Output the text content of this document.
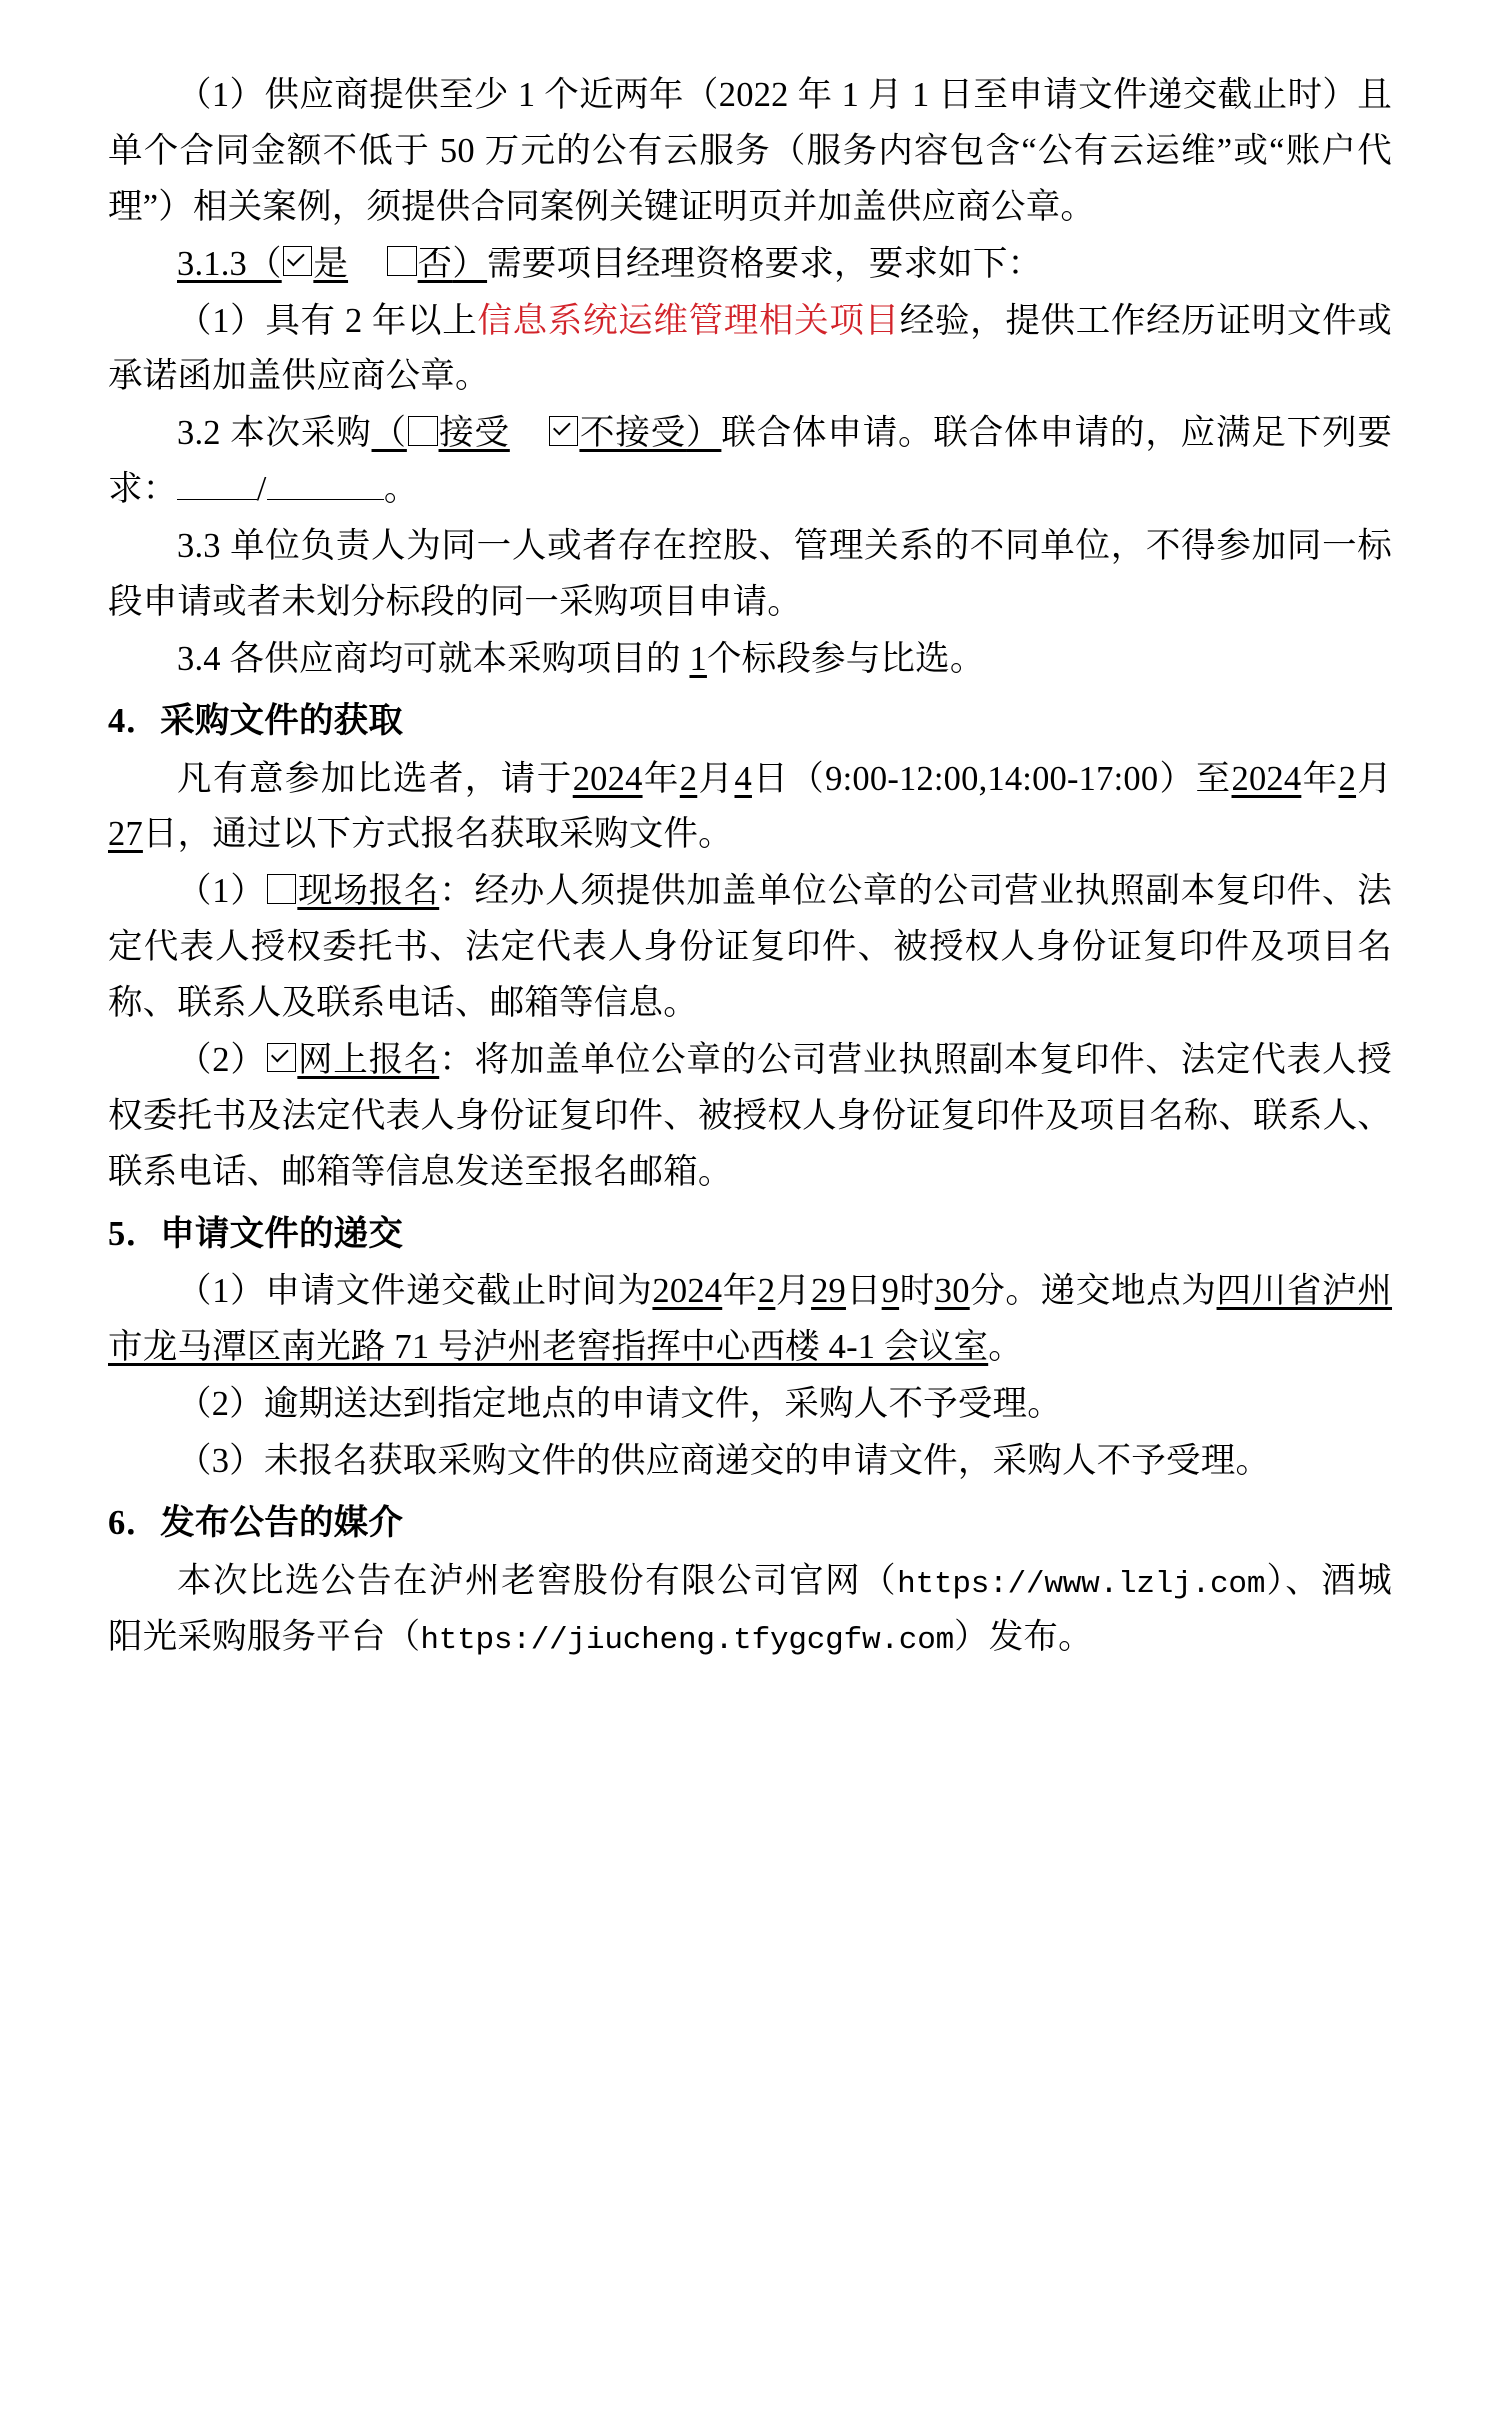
（1）供应商提供至少 1 个近两年（2022 年 1 月 1 日至申请文件递交截止时）且单个合同金额不低于 50 万元的公有云服务（服务内容包含“公有云运维”或“账户代理”）相关案例，须提供合同案例关键证明页并加盖供应商公章。

3.1.3（ 是 否）需要项目经理资格要求，要求如下：

（1）具有 2 年以上信息系统运维管理相关项目经验，提供工作经历证明文件或承诺函加盖供应商公章。

3.2 本次采购（ 接受 不接受）联合体申请。联合体申请的，应满足下列要求： /	。

3.3 单位负责人为同一人或者存在控股、管理关系的不同单位，不得参加同一标段申请或者未划分标段的同一采购项目申请。

3.4 各供应商均可就本采购项目的 1个标段参与比选。

4．采购文件的获取

凡有意参加比选者，请于2024年2月4日（9:00-12:00,14:00-17:00）至2024年2月27日，通过以下方式报名获取采购文件。

（1） 现场报名：经办人须提供加盖单位公章的公司营业执照副本复印件、法定代表人授权委托书、法定代表人身份证复印件、被授权人身份证复印件及项目名称、联系人及联系电话、邮箱等信息。

（2） 网上报名：将加盖单位公章的公司营业执照副本复印件、法定代表人授权委托书及法定代表人身份证复印件、被授权人身份证复印件及项目名称、联系人、联系电话、邮箱等信息发送至报名邮箱。

5．申请文件的递交

（1）申请文件递交截止时间为2024年2月29日9时30分。递交地点为四川省泸州市龙马潭区南光路 71 号泸州老窖指挥中心西楼 4-1 会议室。

（2）逾期送达到指定地点的申请文件，采购人不予受理。

（3）未报名获取采购文件的供应商递交的申请文件，采购人不予受理。

6．发布公告的媒介

本次比选公告在泸州老窖股份有限公司官网（https://www.lzlj.com）、酒城阳光采购服务平台（https://jiucheng.tfygcgfw.com）发布。
